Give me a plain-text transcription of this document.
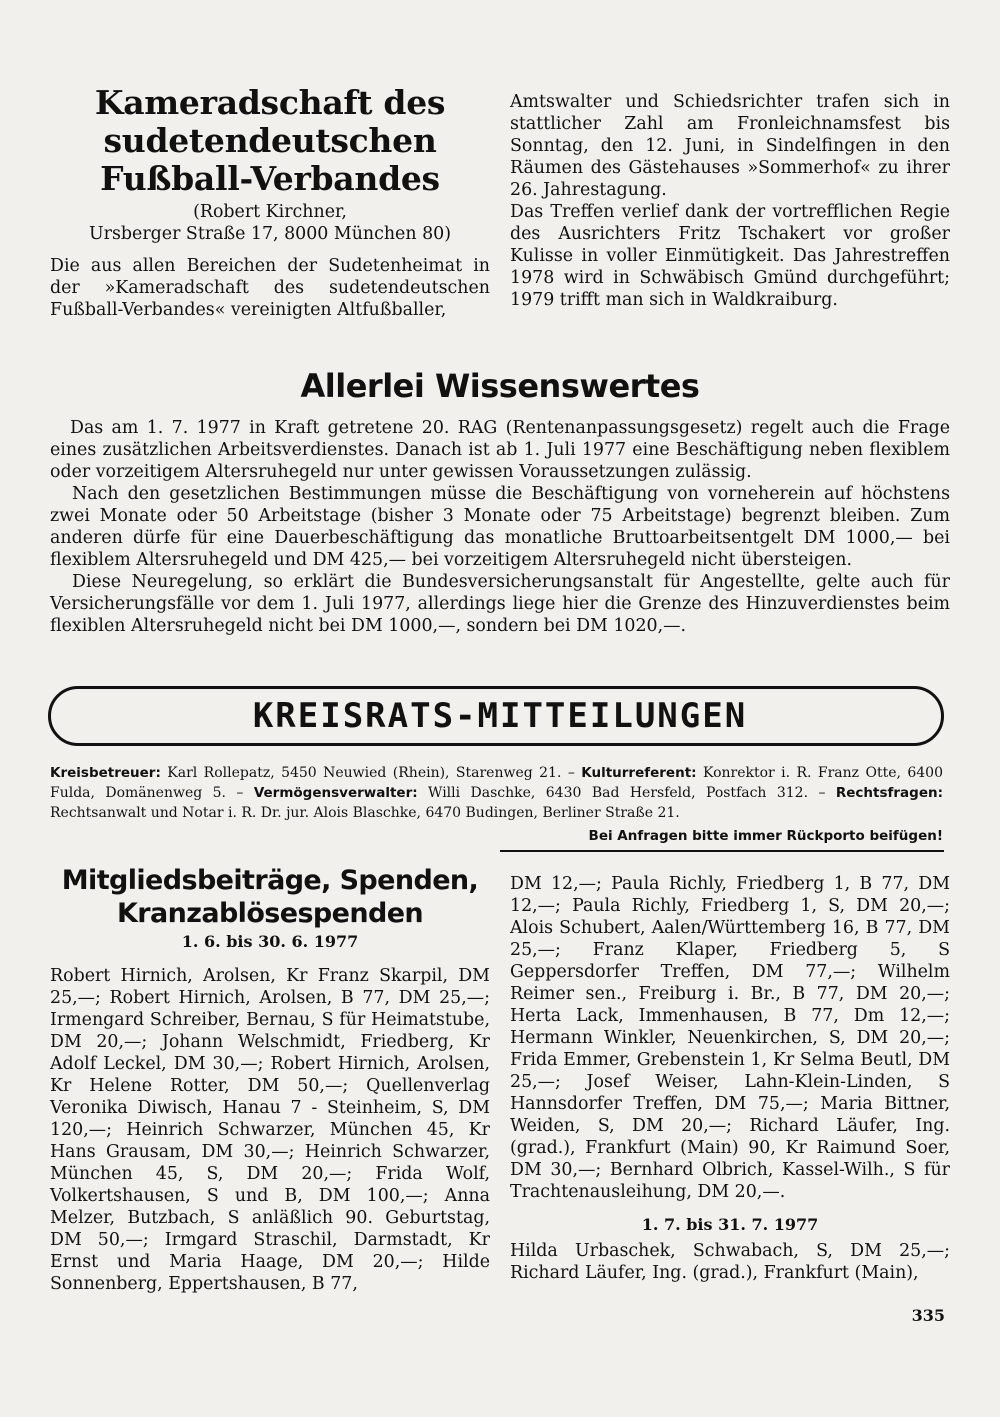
Kameradschaft des
sudetendeutschen
Fußball-Verbandes
(Robert Kirchner,
Ursberger Straße 17, 8000 München 80)

Die aus allen Bereichen der Sudetenheimat in der »Kameradschaft des sudetendeutschen Fußball-Verbandes« vereinigten Altfußballer,

Amtswalter und Schiedsrichter trafen sich in stattlicher Zahl am Fronleichnamsfest bis Sonntag, den 12. Juni, in Sindelfingen in den Räumen des Gästehauses »Sommerhof« zu ihrer 26. Jahrestagung.

Das Treffen verlief dank der vortrefflichen Regie des Ausrichters Fritz Tschakert vor großer Kulisse in voller Einmütigkeit. Das Jahrestreffen 1978 wird in Schwäbisch Gmünd durchgeführt; 1979 trifft man sich in Waldkraiburg.

Allerlei Wissenswertes

Das am 1. 7. 1977 in Kraft getretene 20. RAG (Rentenanpassungsgesetz) regelt auch die Frage eines zusätzlichen Arbeitsverdienstes. Danach ist ab 1. Juli 1977 eine Beschäftigung neben flexiblem oder vorzeitigem Altersruhegeld nur unter gewissen Voraussetzungen zulässig.

Nach den gesetzlichen Bestimmungen müsse die Beschäftigung von vorneherein auf höchstens zwei Monate oder 50 Arbeitstage (bisher 3 Monate oder 75 Arbeitstage) begrenzt bleiben. Zum anderen dürfe für eine Dauerbeschäftigung das monatliche Bruttoarbeitsentgelt DM 1000,— bei flexiblem Altersruhegeld und DM 425,— bei vorzeitigem Altersruhegeld nicht übersteigen.

Diese Neuregelung, so erklärt die Bundesversicherungsanstalt für Angestellte, gelte auch für Versicherungsfälle vor dem 1. Juli 1977, allerdings liege hier die Grenze des Hinzuverdienstes beim flexiblen Altersruhegeld nicht bei DM 1000,—, sondern bei DM 1020,—.

KREISRATS-MITTEILUNGEN
Kreisbetreuer: Karl Rollepatz, 5450 Neuwied (Rhein), Starenweg 21. – Kulturreferent: Konrektor i. R. Franz Otte, 6400 Fulda, Domänenweg 5. – Vermögensverwalter: Willi Daschke, 6430 Bad Hersfeld, Postfach 312. – Rechtsfragen: Rechtsanwalt und Notar i. R. Dr. jur. Alois Blaschke, 6470 Budingen, Berliner Straße 21.
Bei Anfragen bitte immer Rückporto beifügen!
Mitgliedsbeiträge, Spenden,
Kranzablösespenden
1. 6. bis 30. 6. 1977

Robert Hirnich, Arolsen, Kr Franz Skarpil, DM 25,—; Robert Hirnich, Arolsen, B 77, DM 25,—; Irmengard Schreiber, Bernau, S für Heimatstube, DM 20,—; Johann Welschmidt, Friedberg, Kr Adolf Leckel, DM 30,—; Robert Hirnich, Arolsen, Kr Helene Rotter, DM 50,—; Quellenverlag Veronika Diwisch, Hanau 7 - Steinheim, S, DM 120,—; Heinrich Schwarzer, München 45, Kr Hans Grausam, DM 30,—; Heinrich Schwarzer, München 45, S, DM 20,—; Frida Wolf, Volkertshausen, S und B, DM 100,—; Anna Melzer, Butzbach, S anläßlich 90. Geburtstag, DM 50,—; Irmgard Straschil, Darmstadt, Kr Ernst und Maria Haage, DM 20,—; Hilde Sonnenberg, Eppertshausen, B 77,

DM 12,—; Paula Richly, Friedberg 1, B 77, DM 12,—; Paula Richly, Friedberg 1, S, DM 20,—; Alois Schubert, Aalen/Württemberg 16, B 77, DM 25,—; Franz Klaper, Friedberg 5, S Geppersdorfer Treffen, DM 77,—; Wilhelm Reimer sen., Freiburg i. Br., B 77, DM 20,—; Herta Lack, Immenhausen, B 77, Dm 12,—; Hermann Winkler, Neuenkirchen, S, DM 20,—; Frida Emmer, Grebenstein 1, Kr Selma Beutl, DM 25,—; Josef Weiser, Lahn-Klein-Linden, S Hannsdorfer Treffen, DM 75,—; Maria Bittner, Weiden, S, DM 20,—; Richard Läufer, Ing. (grad.), Frankfurt (Main) 90, Kr Raimund Soer, DM 30,—; Bernhard Olbrich, Kassel-Wilh., S für Trachtenausleihung, DM 20,—.

1. 7. bis 31. 7. 1977

Hilda Urbaschek, Schwabach, S, DM 25,—; Richard Läufer, Ing. (grad.), Frankfurt (Main),

335
